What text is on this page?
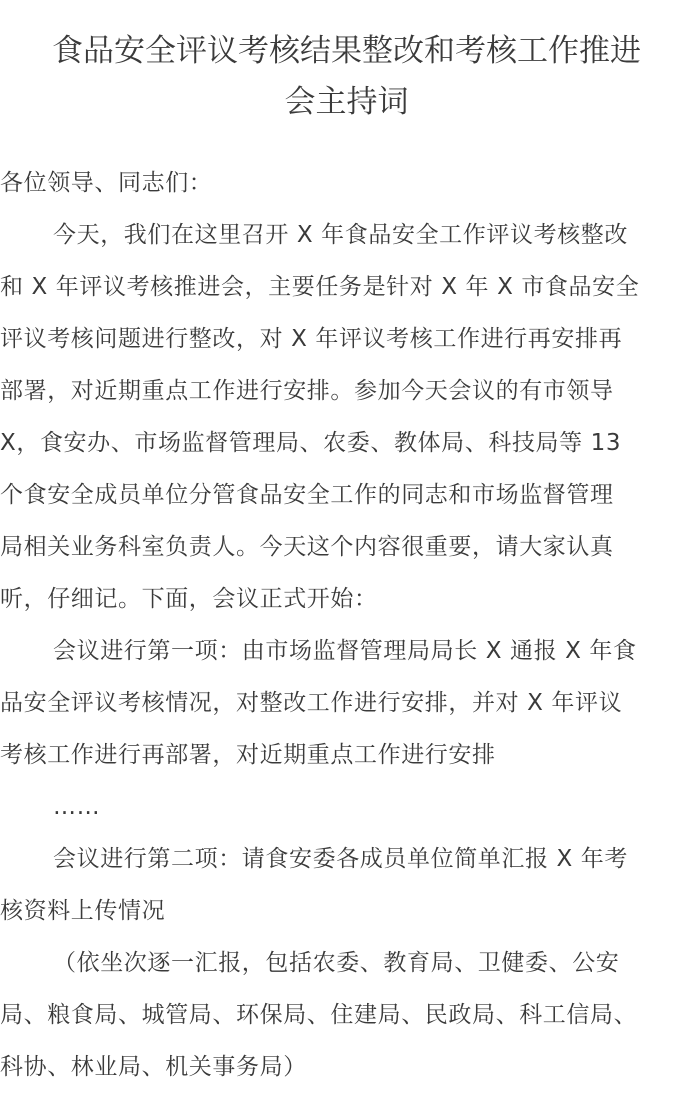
食品安全评议考核结果整改和考核工作推进
会主持词
各位领导、同志们：
今天，我们在这里召开 X 年食品安全工作评议考核整改
和 X 年评议考核推进会，主要任务是针对 X 年 X 市食品安全
评议考核问题进行整改，对 X 年评议考核工作进行再安排再
部署，对近期重点工作进行安排。参加今天会议的有市领导
X，食安办、市场监督管理局、农委、教体局、科技局等 13
个食安全成员单位分管食品安全工作的同志和市场监督管理
局相关业务科室负责人。今天这个内容很重要，请大家认真
听，仔细记。下面，会议正式开始：
会议进行第一项：由市场监督管理局局长 X 通报 X 年食
品安全评议考核情况，对整改工作进行安排，并对 X 年评议
考核工作进行再部署，对近期重点工作进行安排
……
会议进行第二项：请食安委各成员单位简单汇报 X 年考
核资料上传情况
（依坐次逐一汇报，包括农委、教育局、卫健委、公安
局、粮食局、城管局、环保局、住建局、民政局、科工信局、
科协、林业局、机关事务局）
